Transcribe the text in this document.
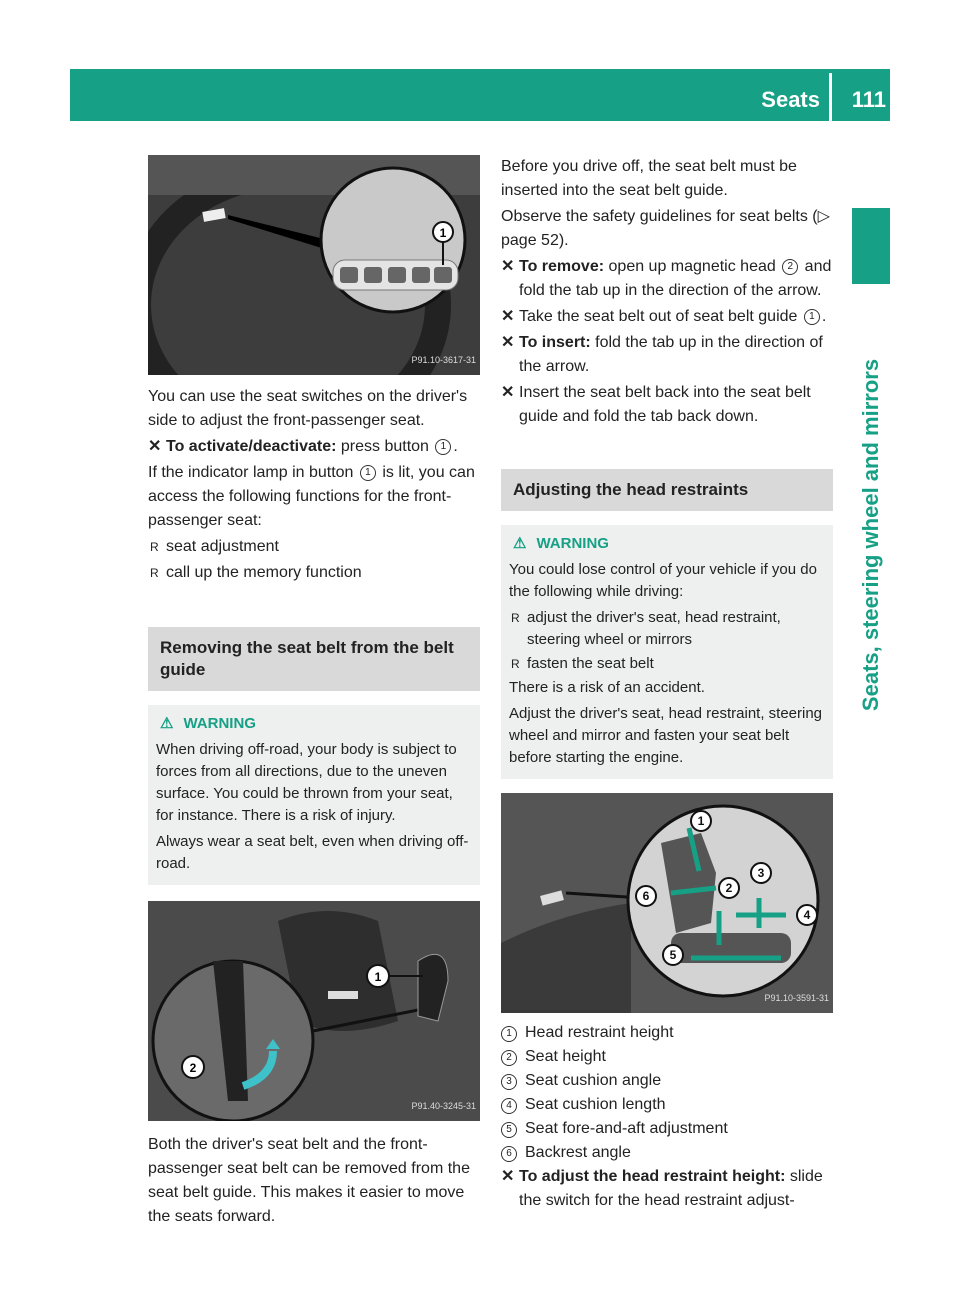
Seats 111
Seats, steering wheel and mirrors
1
P91.10-3617-31

You can use the seat switches on the driver's side to adjust the front-passenger seat.

✕ To activate/deactivate: press button 1 .

If the indicator lamp in button 1 is lit, you can access the following functions for the front-passenger seat:

R seat adjustment
R call up the memory function

Removing the seat belt from the belt guide

⚠ WARNING

When driving off-road, your body is subject to forces from all directions, due to the uneven surface. You could be thrown from your seat, for instance. There is a risk of injury.

Always wear a seat belt, even when driving off-road.

1
2
P91.40-3245-31

Both the driver's seat belt and the front-passenger seat belt can be removed from the seat belt guide. This makes it easier to move the seats forward.

Before you drive off, the seat belt must be inserted into the seat belt guide.

Observe the safety guidelines for seat belts (▷ page 52).

✕ To remove: open up magnetic head 2 and fold the tab up in the direction of the arrow.
✕ Take the seat belt out of seat belt guide 1 .
✕ To insert: fold the tab up in the direction of the arrow.
✕ Insert the seat belt back into the seat belt guide and fold the tab back down.

Adjusting the head restraints

⚠ WARNING

You could lose control of your vehicle if you do the following while driving:

R adjust the driver's seat, head restraint, steering wheel or mirrors
R fasten the seat belt

There is a risk of an accident.

Adjust the driver's seat, head restraint, steering wheel and mirror and fasten your seat belt before starting the engine.

1
2
3
4
5
6
P91.10-3591-31
1 Head restraint height
2 Seat height
3 Seat cushion angle
4 Seat cushion length
5 Seat fore-and-aft adjustment
6 Backrest angle
✕ To adjust the head restraint height: slide the switch for the head restraint adjust-
